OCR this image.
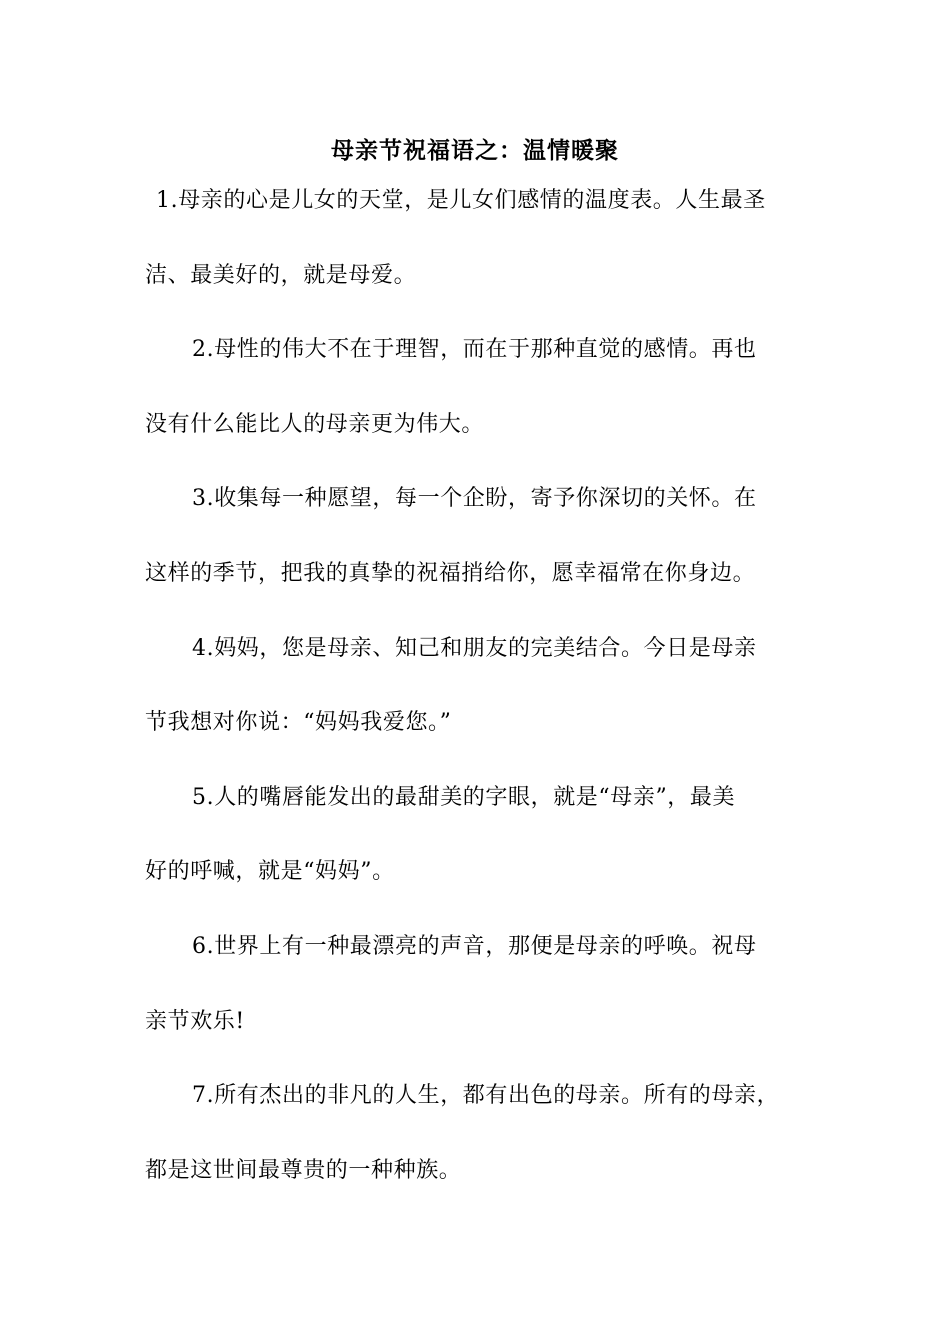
母亲节祝福语之：温情暖聚
1.母亲的心是儿女的天堂，是儿女们感情的温度表。人生最圣
洁、最美好的，就是母爱。
2.母性的伟大不在于理智，而在于那种直觉的感情。再也
没有什么能比人的母亲更为伟大。
3.收集每一种愿望，每一个企盼，寄予你深切的关怀。在
这样的季节，把我的真挚的祝福捎给你，愿幸福常在你身边。
4.妈妈，您是母亲、知己和朋友的完美结合。今日是母亲
节我想对你说：“妈妈我爱您。”
5.人的嘴唇能发出的最甜美的字眼，就是“母亲”，最美
好的呼喊，就是“妈妈”。
6.世界上有一种最漂亮的声音，那便是母亲的呼唤。祝母
亲节欢乐!
7.所有杰出的非凡的人生，都有出色的母亲。所有的母亲，
都是这世间最尊贵的一种种族。
